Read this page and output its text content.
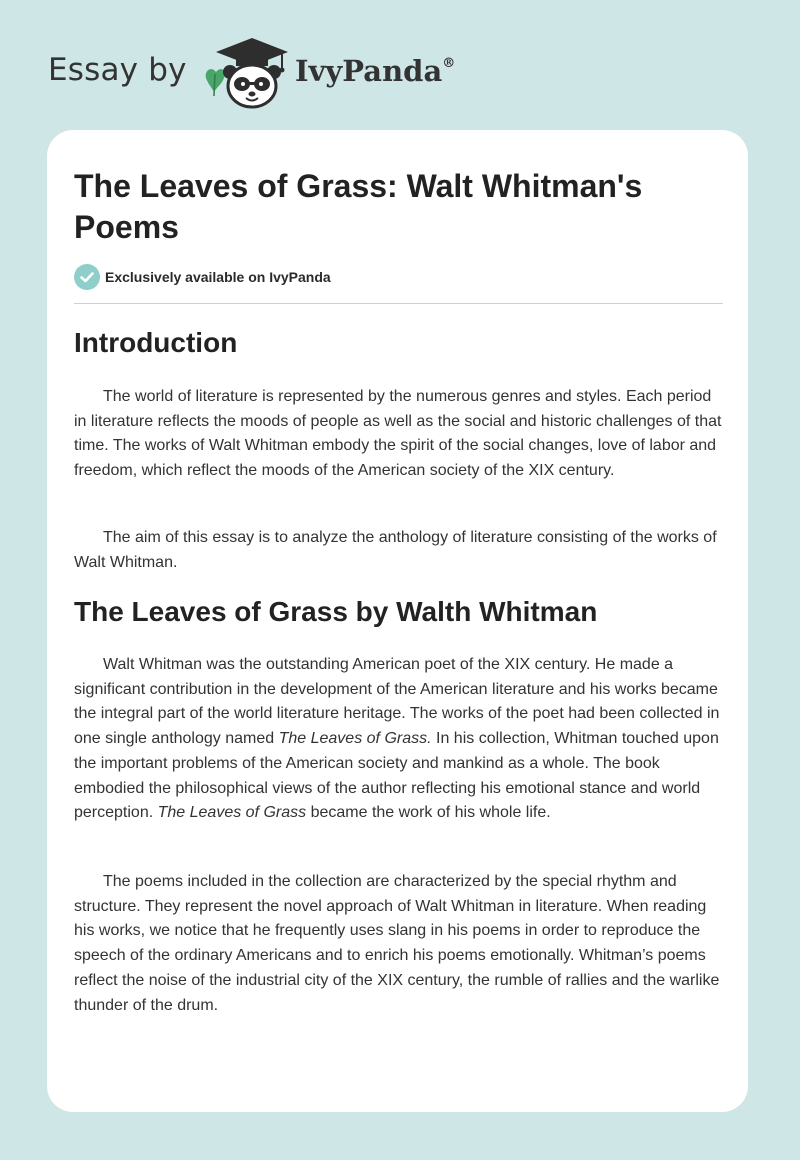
Essay by	IvyPanda®
The Leaves of Grass: Walt Whitman's Poems
Exclusively available on IvyPanda
Introduction

The world of literature is represented by the numerous genres and styles. Each period in literature reflects the moods of people as well as the social and historic challenges of that time. The works of Walt Whitman embody the spirit of the social changes, love of labor and freedom, which reflect the moods of the American society of the XIX century.

The aim of this essay is to analyze the anthology of literature consisting of the works of Walt Whitman.

The Leaves of Grass by Walth Whitman

Walt Whitman was the outstanding American poet of the XIX century. He made a significant contribution in the development of the American literature and his works became the integral part of the world literature heritage. The works of the poet had been collected in one single anthology named The Leaves of Grass. In his collection, Whitman touched upon the important problems of the American society and mankind as a whole. The book embodied the philosophical views of the author reflecting his emotional stance and world perception. The Leaves of Grass became the work of his whole life.

The poems included in the collection are characterized by the special rhythm and structure. They represent the novel approach of Walt Whitman in literature. When reading his works, we notice that he frequently uses slang in his poems in order to reproduce the speech of the ordinary Americans and to enrich his poems emotionally. Whitman’s poems reflect the noise of the industrial city of the XIX century, the rumble of rallies and the warlike thunder of the drum.
